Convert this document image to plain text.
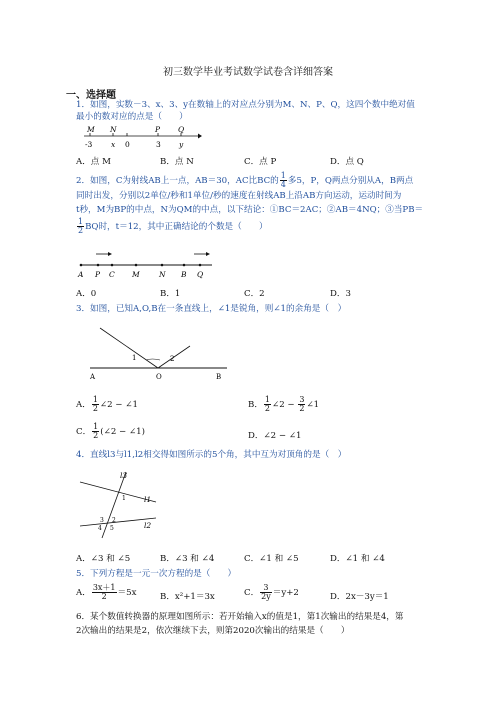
初三数学毕业考试数学试卷含详细答案
一、选择题
1．如图，实数－3、x、3、y在数轴上的对应点分别为M、N、P、Q，这四个数中绝对值
最小的数对应的点是（　　）
M N	P Q
-3 x 0	3 y
A．点 M	B．点 N	C．点 P	D．点 Q
2．如图，C为射线AB上一点，AB＝30，AC比BC的 $\frac{1}{4}$ 多5，P，Q两点分别从A，B两点
同时出发，分别以2单位/秒和1单位/秒的速度在射线AB上沿AB方向运动，运动时间为
t秒，M为BP的中点，N为QM的中点，以下结论：①BC＝2AC；②AB＝4NQ；③当PB＝
$\frac{1}{2}$ BQ时，t＝12，其中正确结论的个数是（　　）
A P C M	N B Q
A．0	B．1	C．2	D．3
3．如图，已知A,O,B在一条直线上，∠1是锐角，则∠1的余角是（　）
1	2
A	O	B
A． $\frac{1}{2}$ ∠2 − ∠1	B． $\frac{1}{2}$ ∠2 − $\frac{3}{2}$ ∠1
C． $\frac{1}{2}$ (∠2 − ∠1)	D．∠2 − ∠1
4．直线l3与l1,l2相交得如图所示的5个角，其中互为对顶角的是（　）
l3
l1
l2
1
2
3
4 5
A．∠3 和 ∠5	B．∠3 和 ∠4	C．∠1 和 ∠5	D．∠1 和 ∠4
5．下列方程是一元一次方程的是（　　）
A． $\frac{3x+1}{2} =5x$	B．x²+1＝3x	C． $\frac{3}{2y} =y+2$	D．2x－3y＝1
6．某个数值转换器的原理如图所示：若开始输入x的值是1，第1次输出的结果是4，第
2次输出的结果是2，依次继续下去，则第2020次输出的结果是（　　）
